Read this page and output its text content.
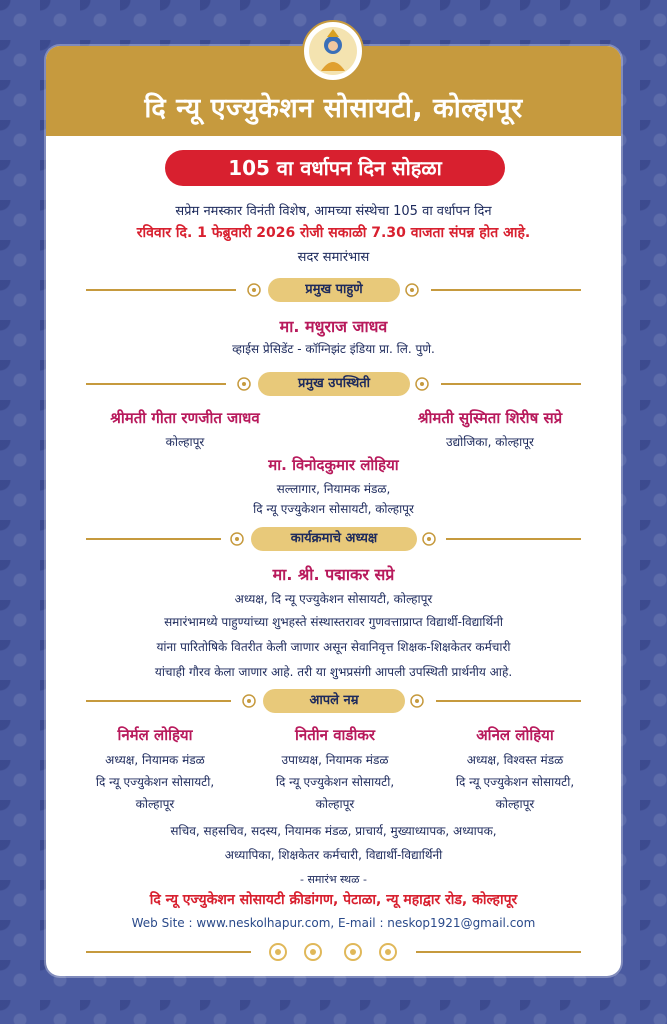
दि न्यू एज्युकेशन सोसायटी, कोल्हापूर
105 वा वर्धापन दिन सोहळा
सप्रेम नमस्कार विनंती विशेष, आमच्या संस्थेचा 105 वा वर्धापन दिन
रविवार दि. 1 फेब्रुवारी 2026 रोजी सकाळी 7.30 वाजता संपन्न होत आहे.
सदर समारंभास
प्रमुख पाहुणे
मा. मधुराज जाधव
व्हाईस प्रेसिडेंट - कॉग्निझंट इंडिया प्रा. लि. पुणे.
प्रमुख उपस्थिती
श्रीमती गीता रणजीत जाधव
कोल्हापूर
श्रीमती सुस्मिता शिरीष सप्रे
उद्योजिका, कोल्हापूर
मा. विनोदकुमार लोहिया
सल्लागार, नियामक मंडळ,
दि न्यू एज्युकेशन सोसायटी, कोल्हापूर
कार्यक्रमाचे अध्यक्ष
मा. श्री. पद्माकर सप्रे
अध्यक्ष, दि न्यू एज्युकेशन सोसायटी, कोल्हापूर
समारंभामध्ये पाहुण्यांच्या शुभहस्ते संस्थास्तरावर गुणवत्ताप्राप्त विद्यार्थी-विद्यार्थिनी
यांना पारितोषिके वितरीत केली जाणार असून सेवानिवृत्त शिक्षक-शिक्षकेतर कर्मचारी
यांचाही गौरव केला जाणार आहे. तरी या शुभप्रसंगी आपली उपस्थिती प्रार्थनीय आहे.
आपले नम्र
निर्मल लोहिया
अध्यक्ष, नियामक मंडळ
दि न्यू एज्युकेशन सोसायटी,
कोल्हापूर
नितीन वाडीकर
उपाध्यक्ष, नियामक मंडळ
दि न्यू एज्युकेशन सोसायटी,
कोल्हापूर
अनिल लोहिया
अध्यक्ष, विश्वस्त मंडळ
दि न्यू एज्युकेशन सोसायटी,
कोल्हापूर
सचिव, सहसचिव, सदस्य, नियामक मंडळ, प्राचार्य, मुख्याध्यापक, अध्यापक,
अध्यापिका, शिक्षकेतर कर्मचारी, विद्यार्थी-विद्यार्थिनी
- समारंभ स्थळ -
दि न्यू एज्युकेशन सोसायटी क्रीडांगण, पेटाळा, न्यू महाद्वार रोड, कोल्हापूर
Web Site : www.neskolhapur.com, E-mail : neskop1921@gmail.com
